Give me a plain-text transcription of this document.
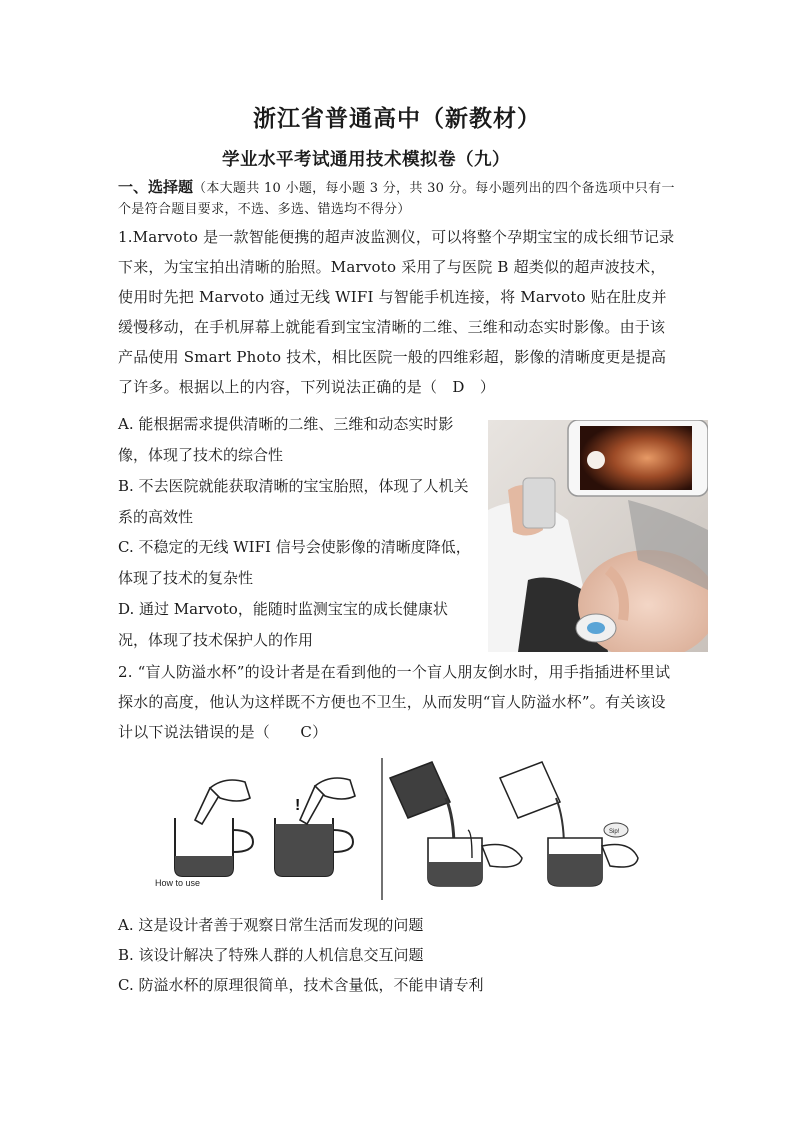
浙江省普通高中（新教材）
学业水平考试通用技术模拟卷（九）
一、选择题（本大题共 10 小题，每小题 3 分，共 30 分。每小题列出的四个备选项中只有一个是符合题目要求，不选、多选、错选均不得分）
1.Marvoto 是一款智能便携的超声波监测仪，可以将整个孕期宝宝的成长细节记录下来，为宝宝拍出清晰的胎照。Marvoto 采用了与医院 B 超类似的超声波技术，使用时先把 Marvoto 通过无线 WIFI 与智能手机连接，将 Marvoto 贴在肚皮并缓慢移动，在手机屏幕上就能看到宝宝清晰的二维、三维和动态实时影像。由于该产品使用 Smart Photo 技术，相比医院一般的四维彩超，影像的清晰度更是提高了许多。根据以上的内容，下列说法正确的是（　D　）
A. 能根据需求提供清晰的二维、三维和动态实时影像，体现了技术的综合性
B. 不去医院就能获取清晰的宝宝胎照，体现了人机关系的高效性
C. 不稳定的无线 WIFI 信号会使影像的清晰度降低，体现了技术的复杂性
D. 通过 Marvoto，能随时监测宝宝的成长健康状况，体现了技术保护人的作用
2. “盲人防溢水杯”的设计者是在看到他的一个盲人朋友倒水时，用手指插进杯里试探水的高度，他认为这样既不方便也不卫生，从而发明“盲人防溢水杯”。有关该设计以下说法错误的是（　　C）
How to use
!
Sip!
A. 这是设计者善于观察日常生活而发现的问题
B. 该设计解决了特殊人群的人机信息交互问题
C. 防溢水杯的原理很简单，技术含量低，不能申请专利
